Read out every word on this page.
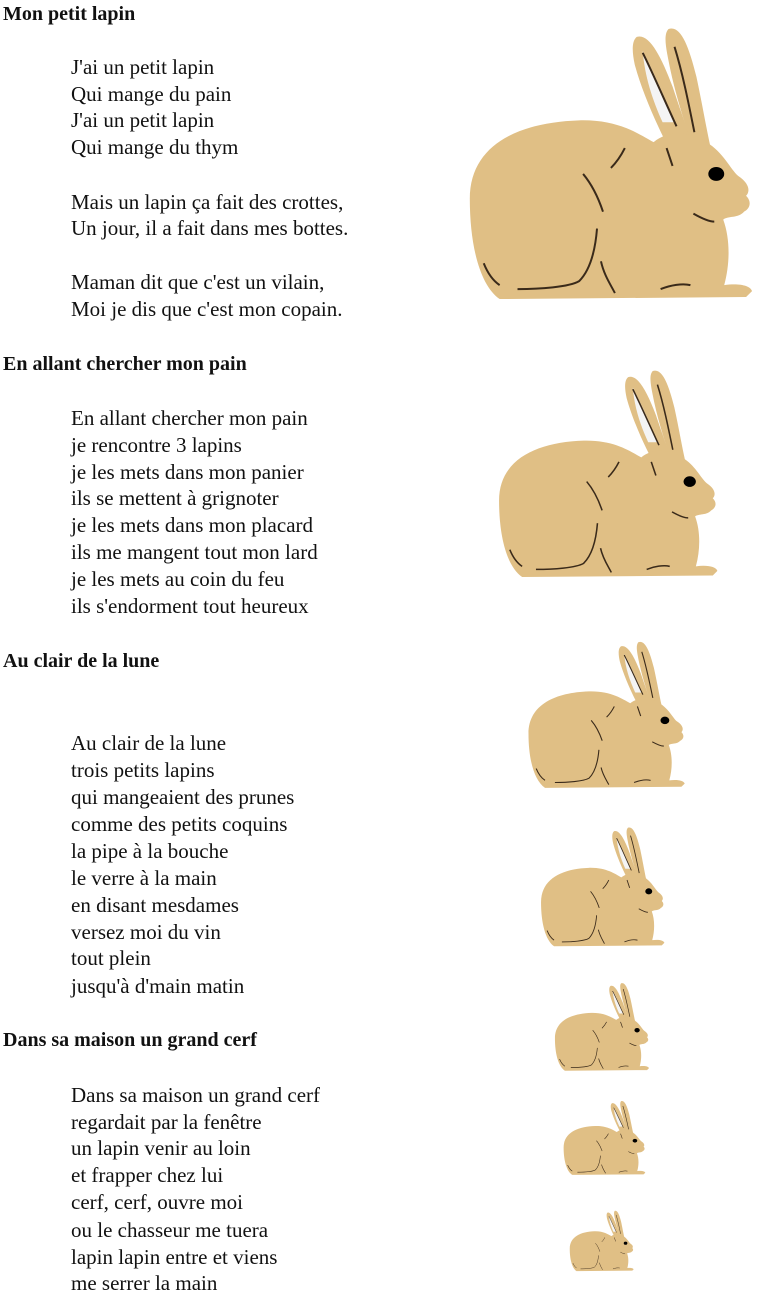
Mon petit lapin
J'ai un petit lapin
Qui mange du pain
J'ai un petit lapin
Qui mange du thym
Mais un lapin ça fait des crottes,
Un jour, il a fait dans mes bottes.
Maman dit que c'est un vilain,
Moi je dis que c'est mon copain.
En allant chercher mon pain
En allant chercher mon pain
je rencontre 3 lapins
je les mets dans mon panier
ils se mettent à grignoter
je les mets dans mon placard
ils me mangent tout mon lard
je les mets au coin du feu
ils s'endorment tout heureux
Au clair de la lune
Au clair de la lune
trois petits lapins
qui mangeaient des prunes
comme des petits coquins
la pipe à la bouche
le verre à la main
en disant mesdames
versez moi du vin
tout plein
jusqu'à d'main matin
Dans sa maison un grand cerf
Dans sa maison un grand cerf
regardait par la fenêtre
un lapin venir au loin
et frapper chez lui
cerf, cerf, ouvre moi
ou le chasseur me tuera
lapin lapin entre et viens
me serrer la main
